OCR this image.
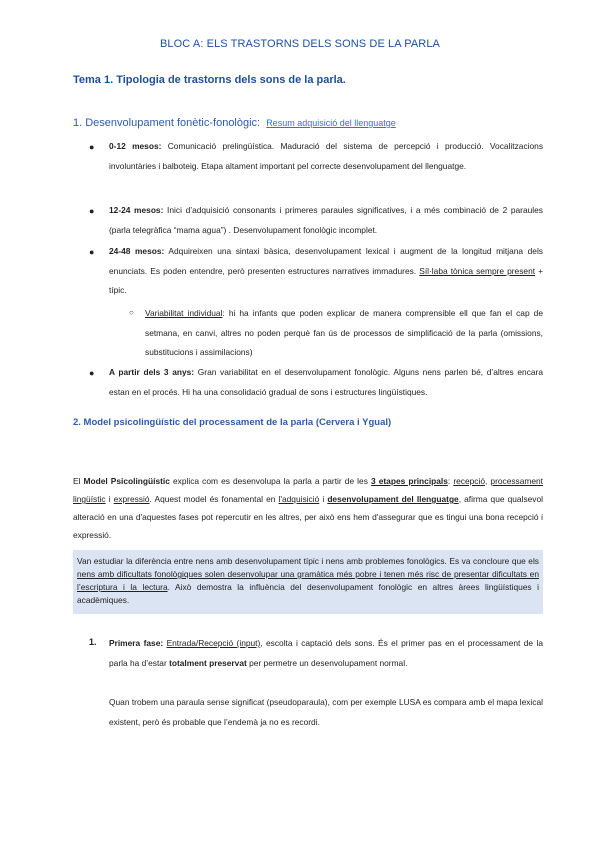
BLOC A: ELS TRASTORNS DELS SONS DE LA PARLA
Tema 1. Tipologia de trastorns dels sons de la parla.
1. Desenvolupament fonètic-fonològic: Resum adquisició del llenguatge
● 0-12 mesos: Comunicació prelingüística. Maduració del sistema de percepció i producció. Vocalitzacions involuntàries i balboteig. Etapa altament important pel correcte desenvolupament del llenguatge.
● 12-24 mesos: Inici d’adquisició consonants i primeres paraules significatives, i a més combinació de 2 paraules (parla telegràfica “mama agua”) . Desenvolupament fonològic incomplet.
● 24-48 mesos: Adquireixen una sintaxi bàsica, desenvolupament lexical i augment de la longitud mitjana dels enunciats. Es poden entendre, però presenten estructures narratives immadures. Síl·laba tònica sempre present + típic.
○ Variabilitat individual: hi ha infants que poden explicar de manera comprensible ell que fan el cap de setmana, en canvi, altres no poden perquè fan ús de processos de simplificació de la parla (omissions, substitucions i assimilacions)
● A partir dels 3 anys: Gran variabilitat en el desenvolupament fonològic. Alguns nens parlen bé, d’altres encara estan en el procés. Hi ha una consolidació gradual de sons i estructures lingüístiques.
2. Model psicolingüístic del processament de la parla (Cervera i Ygual)
El Model Psicolingüístic explica com es desenvolupa la parla a partir de les 3 etapes principals: recepció, processament lingüístic i expressió. Aquest model és fonamental en l'adquisició i desenvolupament del llenguatge, afirma que qualsevol alteració en una d'aquestes fases pot repercutir en les altres, per això ens hem d'assegurar que es tingui una bona recepció i expressió.
Van estudiar la diferència entre nens amb desenvolupament típic i nens amb problemes fonològics. Es va concloure que els nens amb dificultats fonològiques solen desenvolupar una gramàtica més pobre i tenen més risc de presentar dificultats en l’escriptura i la lectura. Això demostra la influència del desenvolupament fonològic en altres àrees lingüístiques i acadèmiques.
1. Primera fase: Entrada/Recepció (input), escolta i captació dels sons. És el primer pas en el processament de la parla ha d’estar totalment preservat per permetre un desenvolupament normal.
Quan trobem una paraula sense significat (pseudoparaula), com per exemple LUSA es compara amb el mapa lexical existent, però és probable que l’endemà ja no es recordi.
